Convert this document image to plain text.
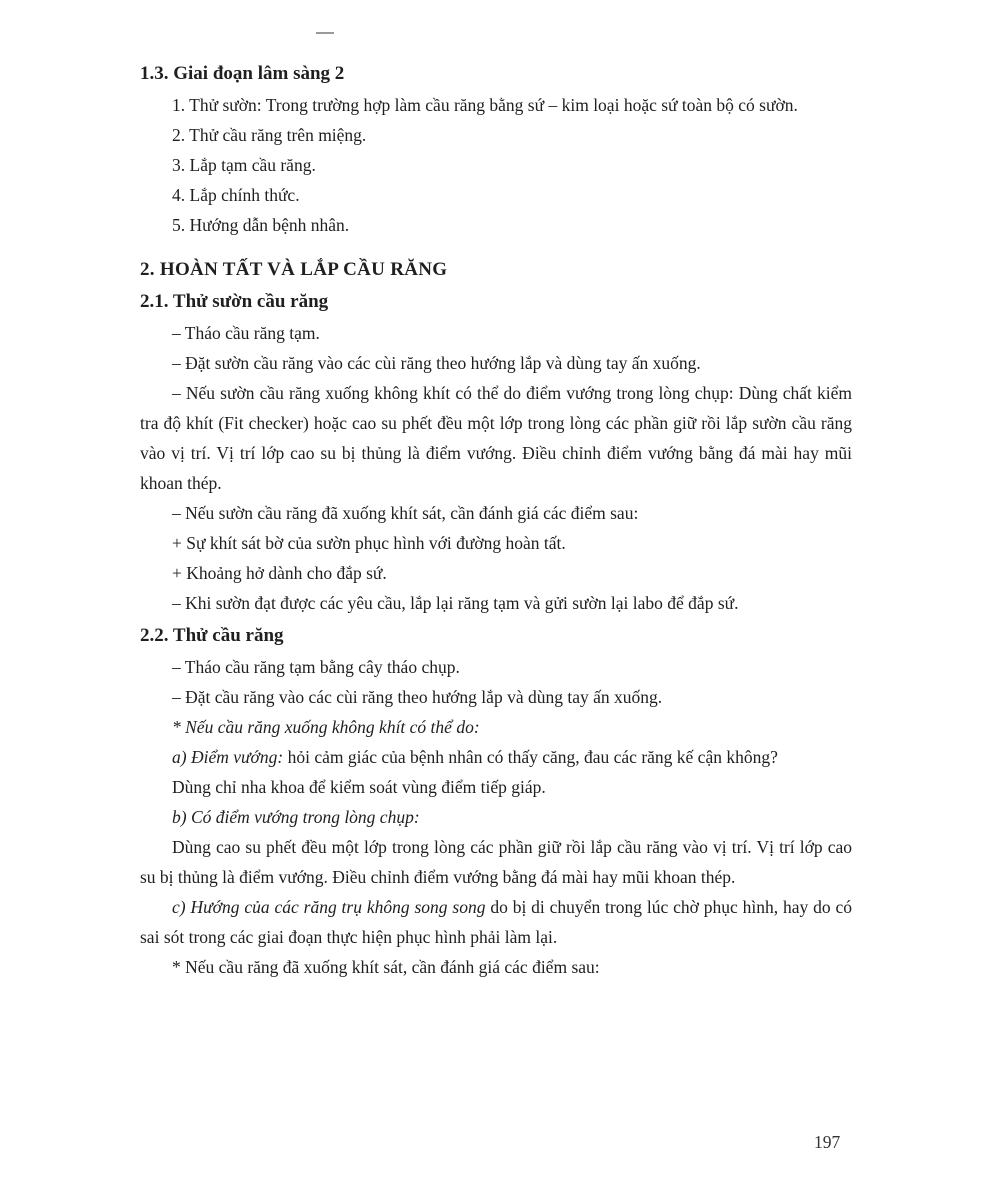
1.3. Giai đoạn lâm sàng 2

1. Thử sườn: Trong trường hợp làm cầu răng bằng sứ – kim loại hoặc sứ toàn bộ có sườn.

2. Thử cầu răng trên miệng.

3. Lắp tạm cầu răng.

4. Lắp chính thức.

5. Hướng dẫn bệnh nhân.

2. HOÀN TẤT VÀ LẮP CẦU RĂNG
2.1. Thử sườn cầu răng

– Tháo cầu răng tạm.

– Đặt sườn cầu răng vào các cùi răng theo hướng lắp và dùng tay ấn xuống.

– Nếu sườn cầu răng xuống không khít có thể do điểm vướng trong lòng chụp: Dùng chất kiểm tra độ khít (Fit checker) hoặc cao su phết đều một lớp trong lòng các phần giữ rồi lắp sườn cầu răng vào vị trí. Vị trí lớp cao su bị thủng là điểm vướng. Điều chỉnh điểm vướng bằng đá mài hay mũi khoan thép.

– Nếu sườn cầu răng đã xuống khít sát, cần đánh giá các điểm sau:

+ Sự khít sát bờ của sườn phục hình với đường hoàn tất.

+ Khoảng hở dành cho đắp sứ.

– Khi sườn đạt được các yêu cầu, lắp lại răng tạm và gửi sườn lại labo để đắp sứ.

2.2. Thử cầu răng

– Tháo cầu răng tạm bằng cây tháo chụp.

– Đặt cầu răng vào các cùi răng theo hướng lắp và dùng tay ấn xuống.

* Nếu cầu răng xuống không khít có thể do:

a) Điểm vướng: hỏi cảm giác của bệnh nhân có thấy căng, đau các răng kế cận không?

Dùng chỉ nha khoa để kiểm soát vùng điểm tiếp giáp.

b) Có điểm vướng trong lòng chụp:

Dùng cao su phết đều một lớp trong lòng các phần giữ rồi lắp cầu răng vào vị trí. Vị trí lớp cao su bị thủng là điểm vướng. Điều chỉnh điểm vướng bằng đá mài hay mũi khoan thép.

c) Hướng của các răng trụ không song song do bị di chuyển trong lúc chờ phục hình, hay do có sai sót trong các giai đoạn thực hiện phục hình phải làm lại.

* Nếu cầu răng đã xuống khít sát, cần đánh giá các điểm sau:

197
